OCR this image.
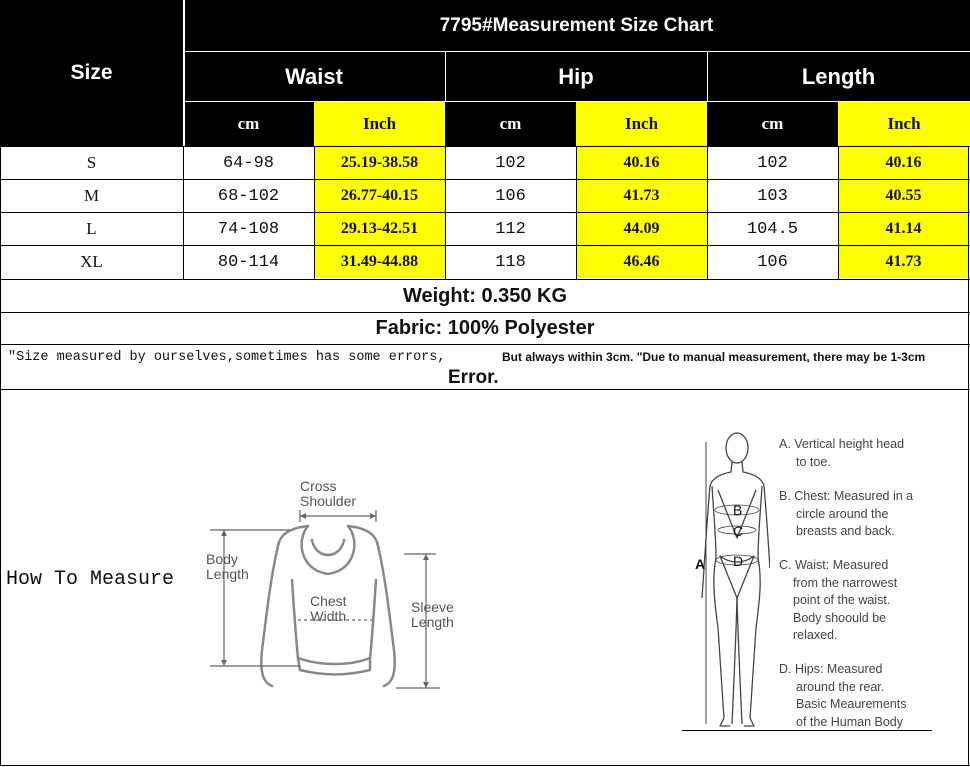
Size
7795#Measurement Size Chart
Waist	Hip	Length
cm	Inch	cm	Inch	cm	Inch
S	64-98	25.19-38.58	102	40.16	102	40.16
M	68-102	26.77-40.15	106	41.73	103	40.55
L	74-108	29.13-42.51	112	44.09	104.5	41.14
XL	80-114	31.49-44.88	118	46.46	106	41.73
Weight: 0.350 KG
Fabric: 100% Polyester
"Size measured by ourselves,sometimes has some errors,	But always within 3cm. "Due to manual measurement, there may be 1-3cm
Error.
How To Measure
Cross
Shoulder
Body
Length
Chest
Width
Sleeve
Length
A
B
C
D
A. Vertical height head
to toe.
B. Chest: Measured in a
circle around the
breasts and back.
C. Waist: Measured
from the narrowest
point of the waist.
Body shoould be
relaxed.
D. Hips: Measured
around the rear.
Basic Meaurements
of the Human Body
